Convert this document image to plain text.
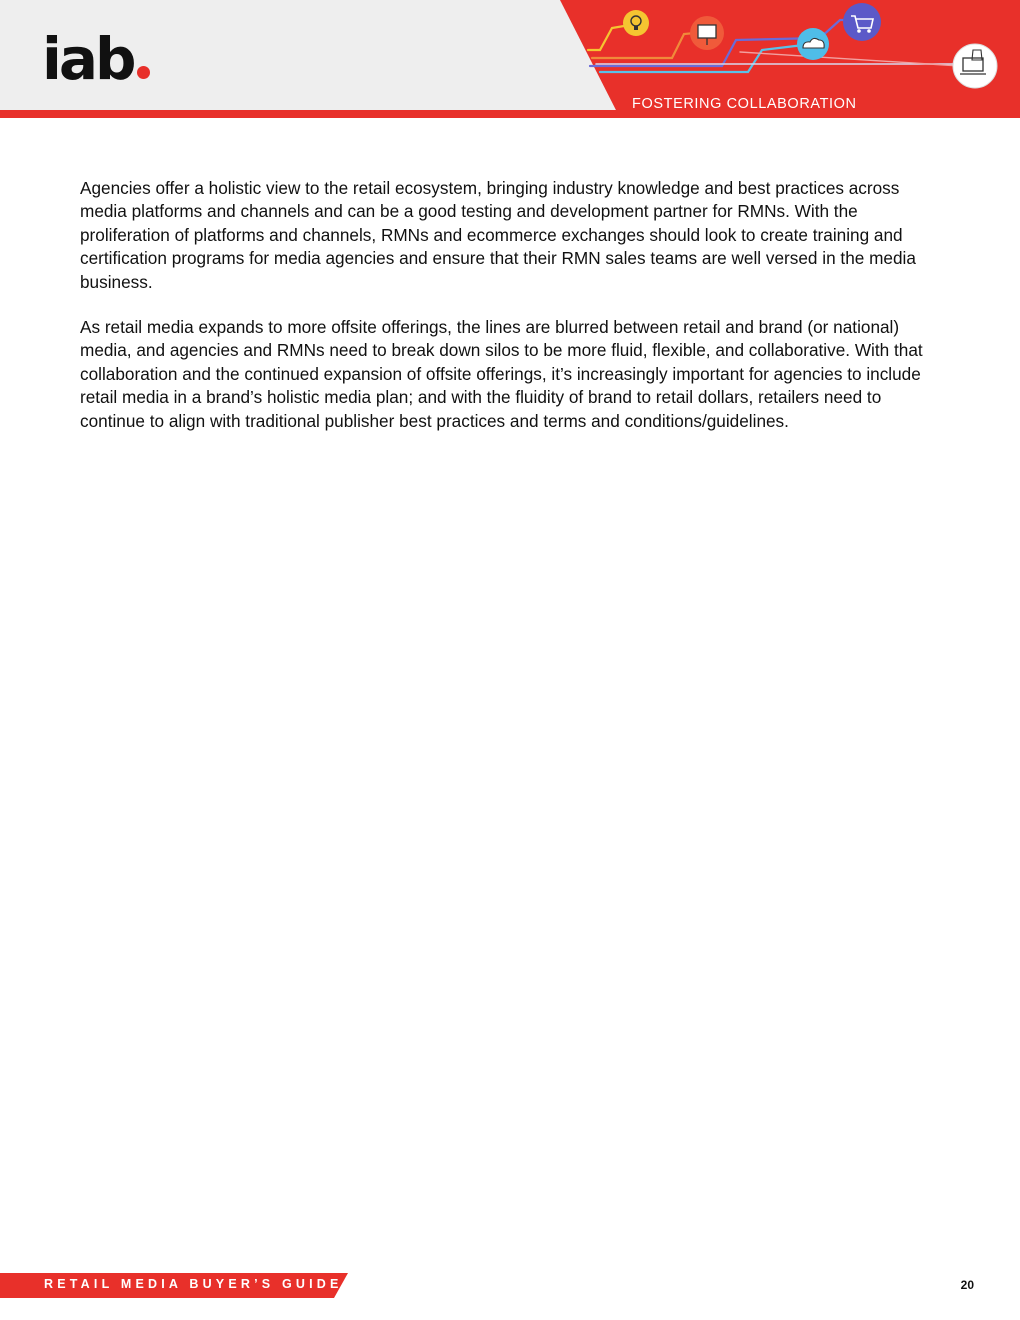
iab
FOSTERING COLLABORATION

Agencies offer a holistic view to the retail ecosystem, bringing industry knowledge and best practices across media platforms and channels and can be a good testing and development partner for RMNs. With the proliferation of platforms and channels, RMNs and ecommerce exchanges should look to create training and certification programs for media agencies and ensure that their RMN sales teams are well versed in the media business.

As retail media expands to more offsite offerings, the lines are blurred between retail and brand (or national) media, and agencies and RMNs need to break down silos to be more fluid, flexible, and collaborative. With that collaboration and the continued expansion of offsite offerings, it’s increasingly important for agencies to include retail media in a brand’s holistic media plan; and with the fluidity of brand to retail dollars, retailers need to continue to align with traditional publisher best practices and terms and conditions/guidelines.

RETAIL MEDIA BUYER’S GUIDE	20
